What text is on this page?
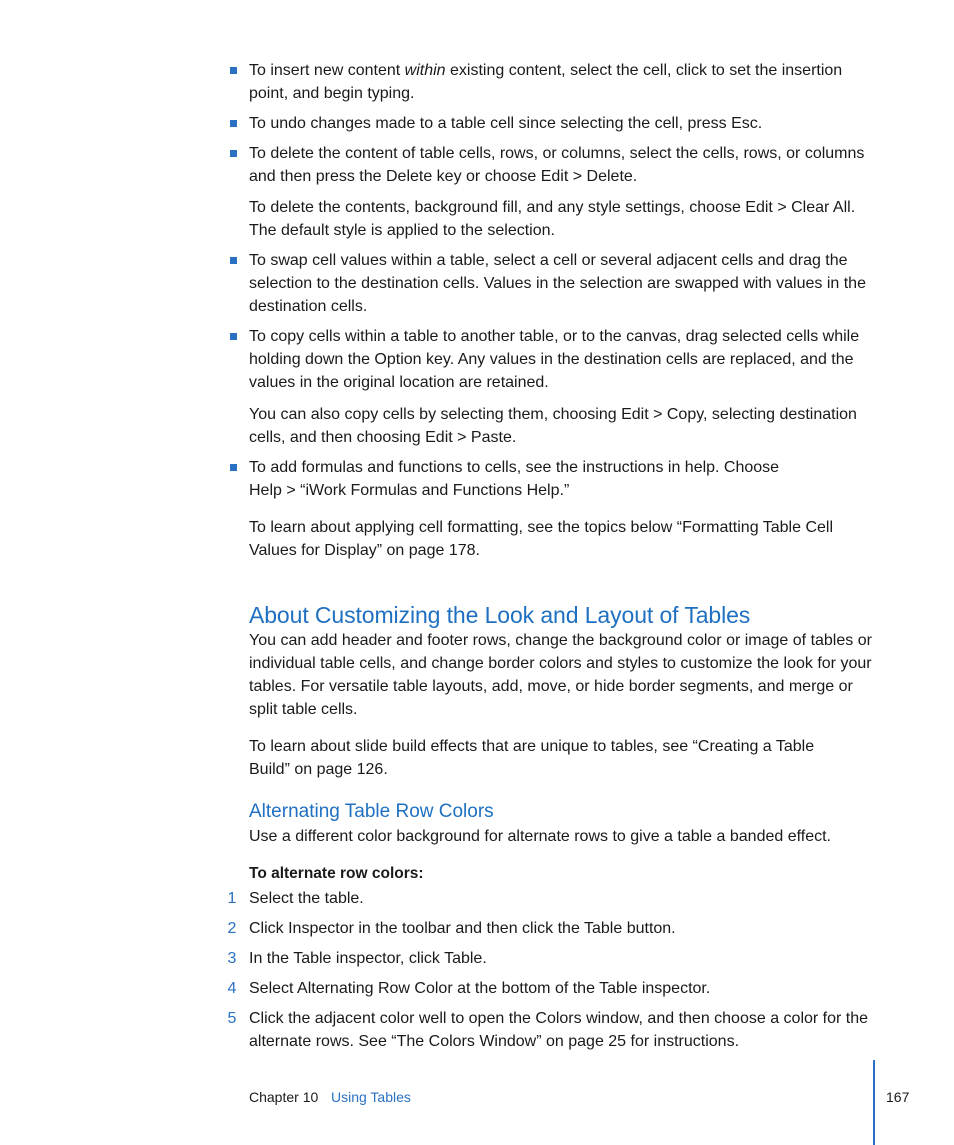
To insert new content within existing content, select the cell, click to set the insertion point, and begin typing.

To undo changes made to a table cell since selecting the cell, press Esc.

To delete the content of table cells, rows, or columns, select the cells, rows, or columns and then press the Delete key or choose Edit > Delete.

To delete the contents, background fill, and any style settings, choose Edit > Clear All. The default style is applied to the selection.

To swap cell values within a table, select a cell or several adjacent cells and drag the selection to the destination cells. Values in the selection are swapped with values in the destination cells.

To copy cells within a table to another table, or to the canvas, drag selected cells while holding down the Option key. Any values in the destination cells are replaced, and the values in the original location are retained.

You can also copy cells by selecting them, choosing Edit > Copy, selecting destination cells, and then choosing Edit > Paste.

To add formulas and functions to cells, see the instructions in help. Choose Help > “iWork Formulas and Functions Help.”

To learn about applying cell formatting, see the topics below “Formatting Table Cell Values for Display” on page 178.

About Customizing the Look and Layout of Tables

You can add header and footer rows, change the background color or image of tables or individual table cells, and change border colors and styles to customize the look for your tables. For versatile table layouts, add, move, or hide border segments, and merge or split table cells.

To learn about slide build effects that are unique to tables, see “Creating a Table Build” on page 126.

Alternating Table Row Colors

Use a different color background for alternate rows to give a table a banded effect.

To alternate row colors:

1 Select the table.

2 Click Inspector in the toolbar and then click the Table button.

3 In the Table inspector, click Table.

4 Select Alternating Row Color at the bottom of the Table inspector.

5 Click the adjacent color well to open the Colors window, and then choose a color for the alternate rows. See “The Colors Window” on page 25 for instructions.

Chapter 10 Using Tables	167
